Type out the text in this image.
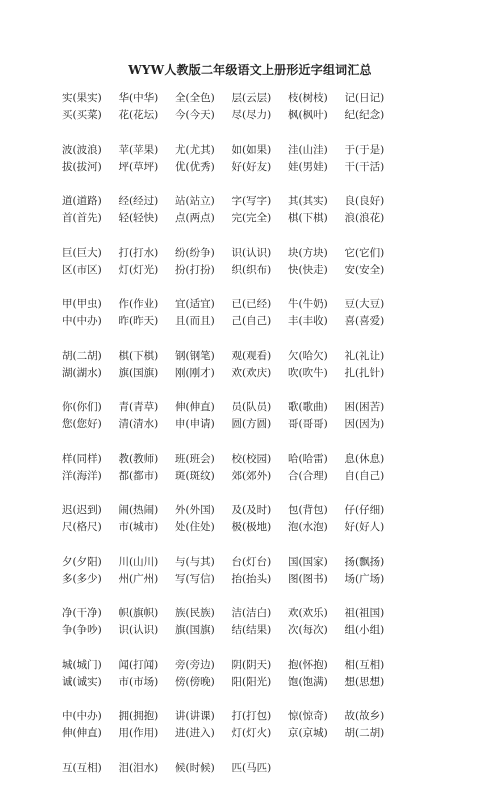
WYW人教版二年级语文上册形近字组词汇总
实(果实)	华(中华)	全(全色)	层(云层)	枝(树枝)	记(日记)
买(买菜)	花(花坛)	今(今天)	尽(尽力)	枫(枫叶)	纪(纪念)
波(波浪)	苹(苹果)	尤(尤其)	如(如果)	洼(山洼)	于(于是)
拔(拔河)	坪(草坪)	优(优秀)	好(好友)	娃(男娃)	干(干活)
道(道路)	经(经过)	站(站立)	字(写字)	其(其实)	良(良好)
首(首先)	轻(轻快)	点(两点)	完(完全)	棋(下棋)	浪(浪花)
巨(巨大)	打(打水)	纷(纷争)	识(认识)	块(方块)	它(它们)
区(市区)	灯(灯光)	扮(打扮)	织(织布)	快(快走)	安(安全)
甲(甲虫)	作(作业)	宜(适宜)	已(已经)	牛(牛奶)	豆(大豆)
中(中办)	昨(昨天)	且(而且)	己(自己)	丰(丰收)	喜(喜爱)
胡(二胡)	棋(下棋)	钢(钢笔)	观(观看)	欠(哈欠)	礼(礼让)
湖(湖水)	旗(国旗)	刚(刚才)	欢(欢庆)	吹(吹牛)	扎(扎针)
你(你们)	青(青草)	伸(伸直)	员(队员)	歌(歌曲)	困(困苦)
您(您好)	清(清水)	申(申请)	圆(方圆)	哥(哥哥)	因(因为)
样(同样)	教(教师)	班(班会)	校(校园)	哈(哈雷)	息(休息)
洋(海洋)	都(都市)	斑(斑纹)	郊(郊外)	合(合理)	自(自己)
迟(迟到)	闹(热闹)	外(外国)	及(及时)	包(背包)	仔(仔细)
尺(格尺)	市(城市)	处(住处)	极(极地)	泡(水泡)	好(好人)
夕(夕阳)	川(山川)	与(与其)	台(灯台)	国(国家)	扬(飘扬)
多(多少)	州(广州)	写(写信)	抬(抬头)	图(图书)	场(广场)
净(干净)	帜(旗帜)	族(民族)	洁(洁白)	欢(欢乐)	祖(祖国)
争(争吵)	识(认识)	旗(国旗)	结(结果)	次(每次)	组(小组)
城(城门)	闻(打闻)	旁(旁边)	阴(阴天)	抱(怀抱)	相(互相)
诚(诚实)	市(市场)	傍(傍晚)	阳(阳光)	饱(饱满)	想(思想)
中(中办)	拥(拥抱)	讲(讲课)	打(打包)	惊(惊奇)	故(故乡)
伸(伸直)	用(作用)	进(进入)	灯(灯火)	京(京城)	胡(二胡)
互(互相)	泪(泪水)	候(时候)	匹(马匹)
